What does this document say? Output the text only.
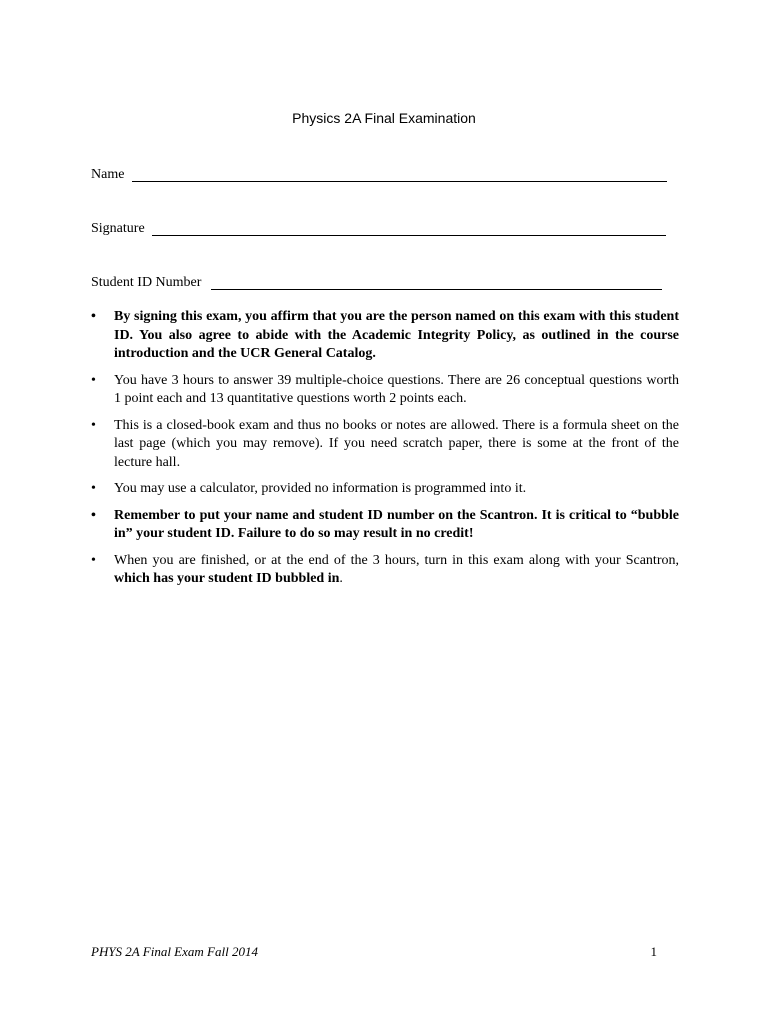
Physics 2A Final Examination
Name
Signature
Student ID Number
• By signing this exam, you affirm that you are the person named on this exam with this student ID. You also agree to abide with the Academic Integrity Policy, as outlined in the course introduction and the UCR General Catalog.
• You have 3 hours to answer 39 multiple-choice questions. There are 26 conceptual questions worth 1 point each and 13 quantitative questions worth 2 points each.
• This is a closed-book exam and thus no books or notes are allowed. There is a formula sheet on the last page (which you may remove). If you need scratch paper, there is some at the front of the lecture hall.
• You may use a calculator, provided no information is programmed into it.
• Remember to put your name and student ID number on the Scantron. It is critical to “bubble in” your student ID. Failure to do so may result in no credit!
• When you are finished, or at the end of the 3 hours, turn in this exam along with your Scantron, which has your student ID bubbled in.
PHYS 2A Final Exam Fall 2014	1
